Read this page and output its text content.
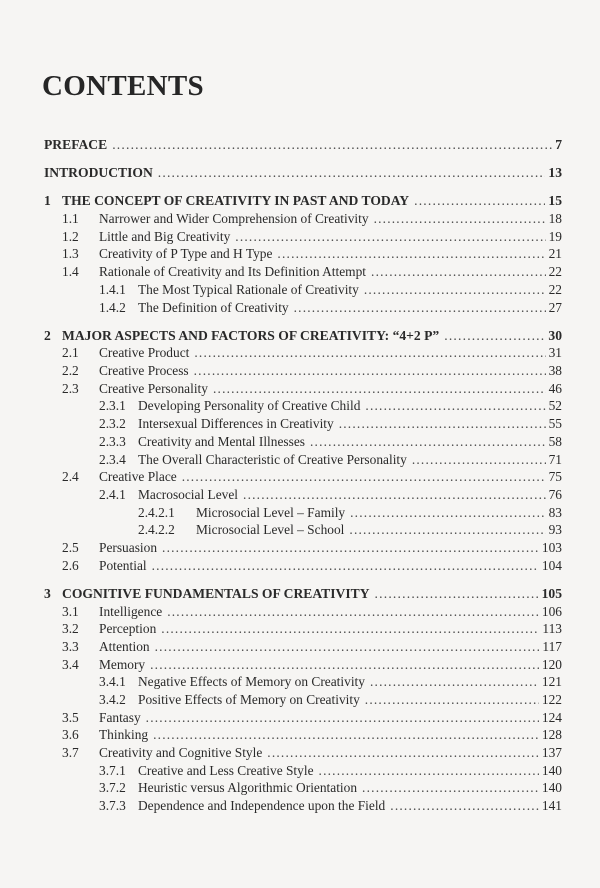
CONTENTS
PREFACE .....	7
INTRODUCTION .....	13
1 THE CONCEPT OF CREATIVITY IN PAST AND TODAY .....	15
1.1	Narrower and Wider Comprehension of Creativity .....	18
1.2	Little and Big Creativity .....	19
1.3	Creativity of P Type and H Type .....	21
1.4	Rationale of Creativity and Its Definition Attempt .....	22
1.4.1 The Most Typical Rationale of Creativity .....	22
1.4.2 The Definition of Creativity .....	27
2 MAJOR ASPECTS AND FACTORS OF CREATIVITY: “4+2 P” .....	30
2.1	Creative Product .....	31
2.2	Creative Process .....	38
2.3	Creative Personality .....	46
2.3.1 Developing Personality of Creative Child .....	52
2.3.2 Intersexual Differences in Creativity .....	55
2.3.3 Creativity and Mental Illnesses .....	58
2.3.4 The Overall Characteristic of Creative Personality .....	71
2.4	Creative Place .....	75
2.4.1 Macrosocial Level .....	76
2.4.2.1	Microsocial Level – Family .....	83
2.4.2.2	Microsocial Level – School .....	93
2.5	Persuasion .....	103
2.6	Potential .....	104
3 COGNITIVE FUNDAMENTALS OF CREATIVITY .....	105
3.1	Intelligence .....	106
3.2	Perception .....	113
3.3	Attention .....	117
3.4	Memory .....	120
3.4.1 Negative Effects of Memory on Creativity .....	121
3.4.2 Positive Effects of Memory on Creativity .....	122
3.5	Fantasy .....	124
3.6	Thinking .....	128
3.7	Creativity and Cognitive Style .....	137
3.7.1 Creative and Less Creative Style .....	140
3.7.2 Heuristic versus Algorithmic Orientation .....	140
3.7.3 Dependence and Independence upon the Field .....	141
